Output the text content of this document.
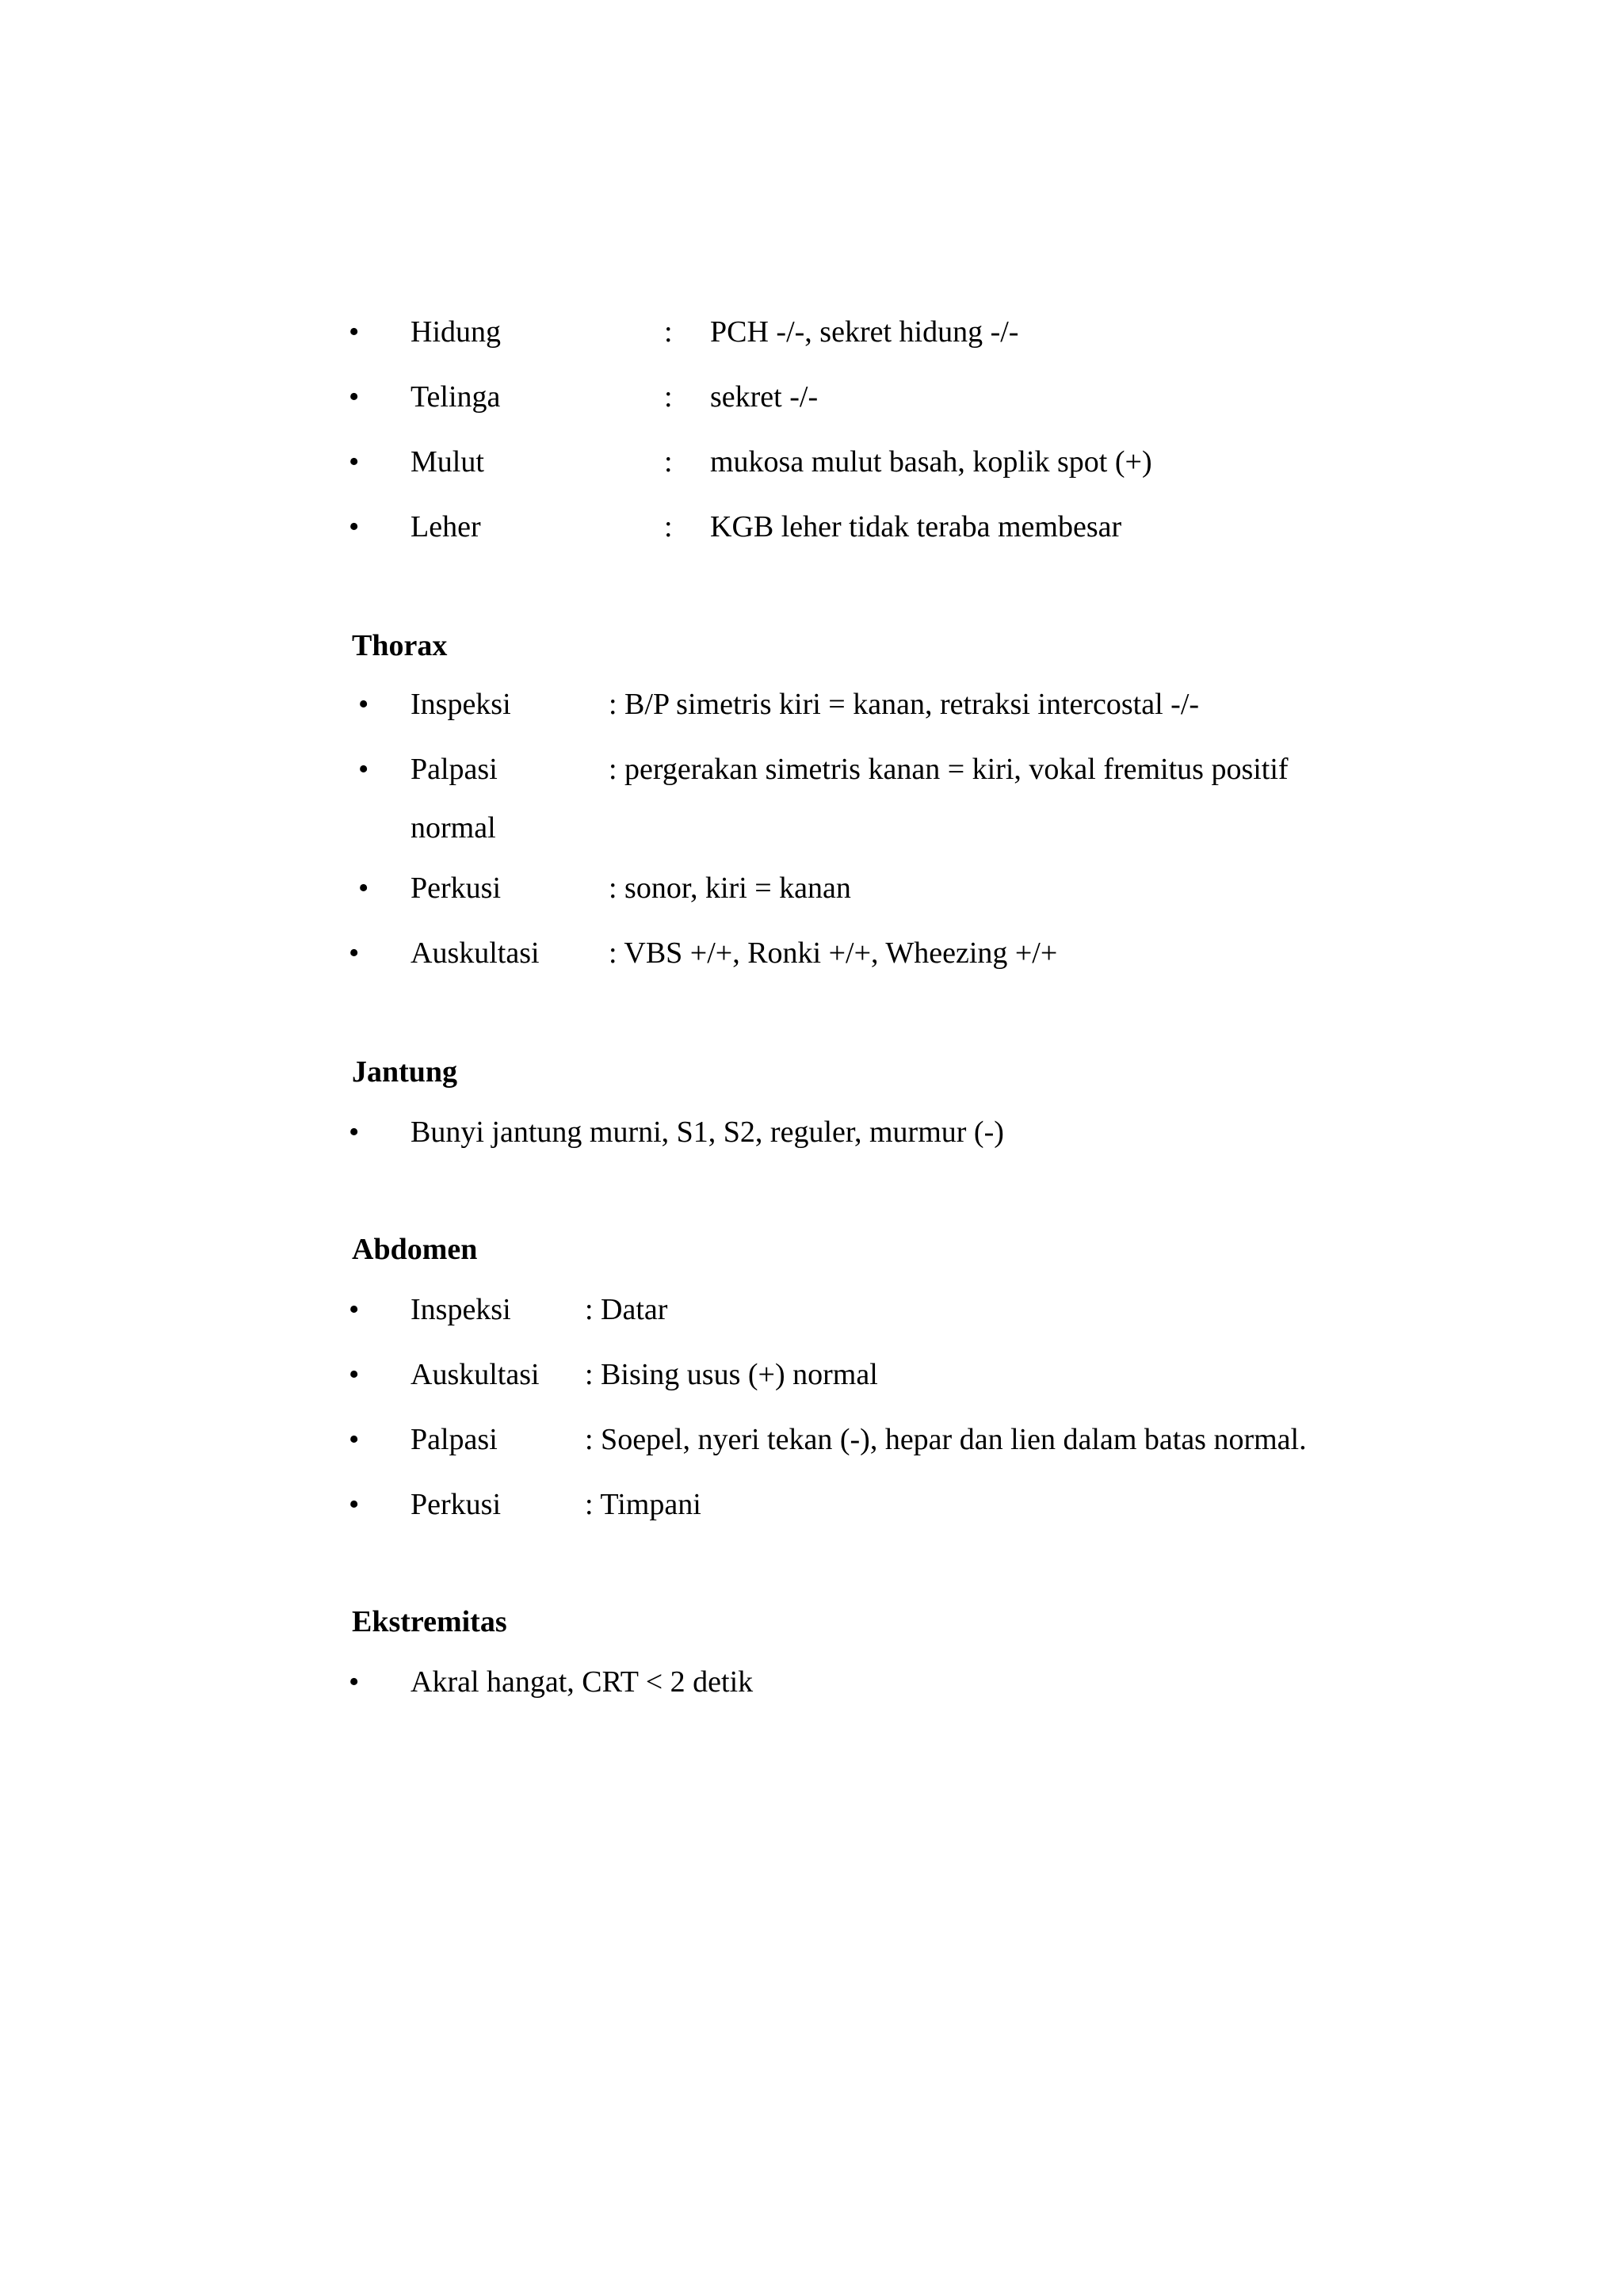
• Hidung	: PCH -/-, sekret hidung -/-
• Telinga	: sekret -/-
• Mulut	: mukosa mulut basah, koplik spot (+)
• Leher	: KGB leher tidak teraba membesar
Thorax
• Inspeksi	: B/P simetris kiri = kanan, retraksi intercostal -/-
• Palpasi	: pergerakan simetris kanan = kiri, vokal fremitus positif
normal
• Perkusi	: sonor, kiri = kanan
• Auskultasi : VBS +/+, Ronki +/+, Wheezing +/+
Jantung
• Bunyi jantung murni, S1, S2, reguler, murmur (-)
Abdomen
• Inspeksi : Datar
• Auskultasi : Bising usus (+) normal
• Palpasi	: Soepel, nyeri tekan (-), hepar dan lien dalam batas normal.
• Perkusi	: Timpani
Ekstremitas
• Akral hangat, CRT < 2 detik
